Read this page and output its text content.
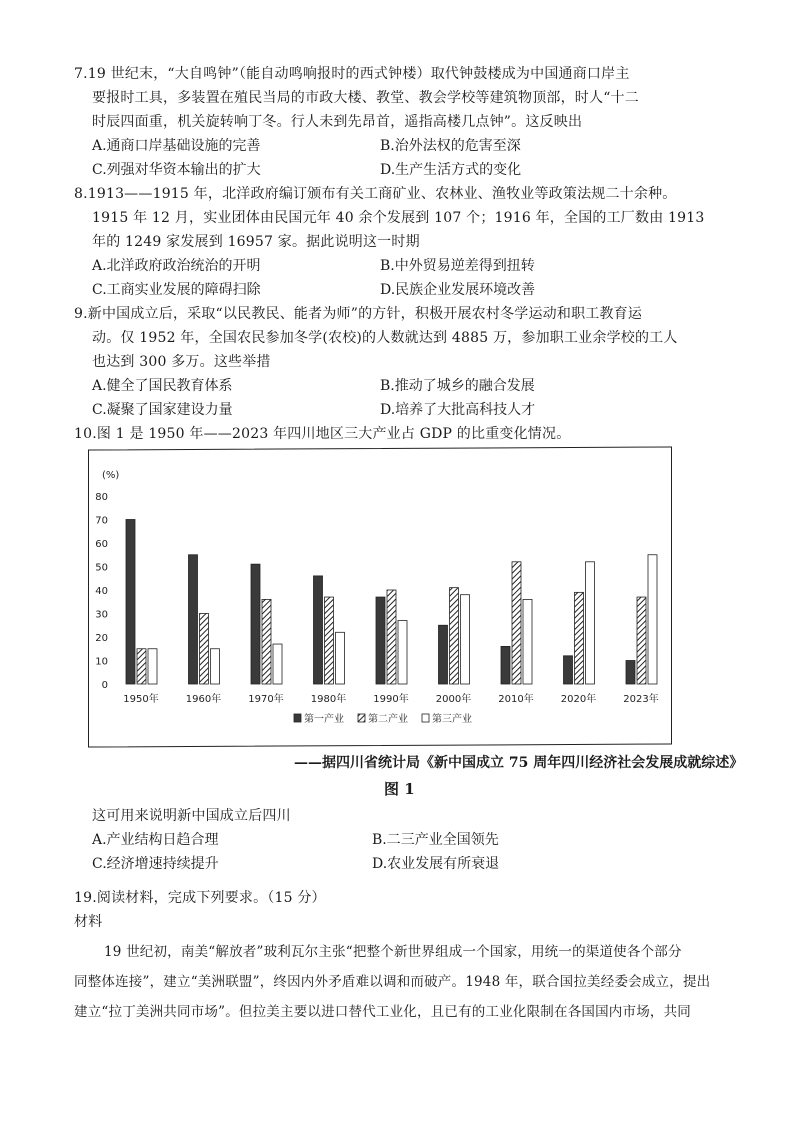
7.19 世纪末，“大自鸣钟”（能自动鸣响报时的西式钟楼）取代钟鼓楼成为中国通商口岸主
要报时工具，多装置在殖民当局的市政大楼、教堂、教会学校等建筑物顶部，时人“十二
时辰四面重，机关旋转响丁冬。行人未到先昂首，遥指高楼几点钟”。这反映出
A.通商口岸基础设施的完善	B.治外法权的危害至深
C.列强对华资本输出的扩大	D.生产生活方式的变化
8.1913——1915 年，北洋政府编订颁布有关工商矿业、农林业、渔牧业等政策法规二十余种。
1915 年 12 月，实业团体由民国元年 40 余个发展到 107 个；1916 年，全国的工厂数由 1913
年的 1249 家发展到 16957 家。据此说明这一时期
A.北洋政府政治统治的开明	B.中外贸易逆差得到扭转
C.工商实业发展的障碍扫除	D.民族企业发展环境改善
9.新中国成立后，采取“以民教民、能者为师”的方针，积极开展农村冬学运动和职工教育运
动。仅 1952 年，全国农民参加冬学(农校)的人数就达到 4885 万，参加职工业余学校的工人
也达到 300 多万。这些举措
A.健全了国民教育体系	B.推动了城乡的融合发展
C.凝聚了国家建设力量	D.培养了大批高科技人才
10.图 1 是 1950 年——2023 年四川地区三大产业占 GDP 的比重变化情况。
(%)
0
10
20
30
40
50
60
70
80
1950年	1960年	1970年	1980年	1990年	2000年	2010年	2020年	2023年
第一产业 第二产业 第三产业
——据四川省统计局《新中国成立 75 周年四川经济社会发展成就综述》
图 1
这可用来说明新中国成立后四川
A.产业结构日趋合理	B.二三产业全国领先
C.经济增速持续提升	D.农业发展有所衰退
19.阅读材料，完成下列要求。（15 分）
材料
19 世纪初，南美“解放者”玻利瓦尔主张“把整个新世界组成一个国家，用统一的渠道使各个部分
同整体连接”，建立“美洲联盟”，终因内外矛盾难以调和而破产。1948 年，联合国拉美经委会成立，提出
建立“拉丁美洲共同市场”。但拉美主要以进口替代工业化，且已有的工业化限制在各国国内市场，共同
